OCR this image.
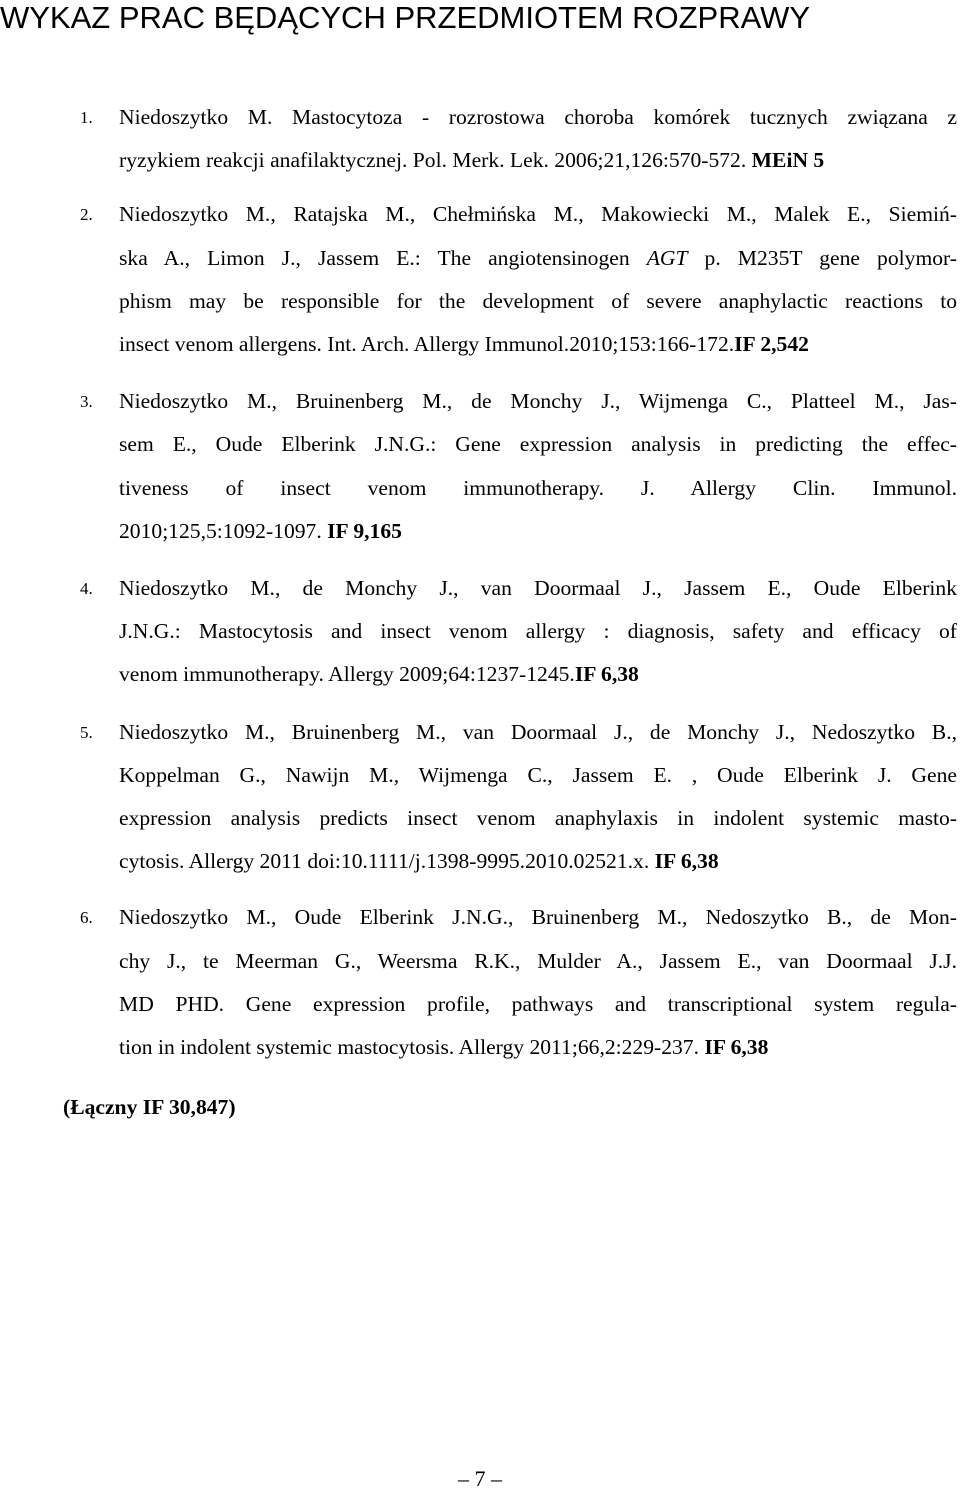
WYKAZ PRAC BĘDĄCYCH PRZEDMIOTEM ROZPRAWY
1. Niedoszytko M. Mastocytoza - rozrostowa choroba komórek tucznych związana z
ryzykiem reakcji anafilaktycznej. Pol. Merk. Lek. 2006;21,126:570-572. MEiN 5
2. Niedoszytko M., Ratajska M., Chełmińska M., Makowiecki M., Malek E., Siemiń-
ska A., Limon J., Jassem E.: The angiotensinogen AGT p. M235T gene polymor-
phism may be responsible for the development of severe anaphylactic reactions to
insect venom allergens. Int. Arch. Allergy Immunol.2010;153:166-172.IF 2,542
3. Niedoszytko M., Bruinenberg M., de Monchy J., Wijmenga C., Platteel M., Jas-
sem E., Oude Elberink J.N.G.: Gene expression analysis in predicting the effec-
tiveness of insect venom immunotherapy. J. Allergy Clin. Immunol.
2010;125,5:1092-1097. IF 9,165
4. Niedoszytko M., de Monchy J., van Doormaal J., Jassem E., Oude Elberink
J.N.G.: Mastocytosis and insect venom allergy : diagnosis, safety and efficacy of
venom immunotherapy. Allergy 2009;64:1237-1245.IF 6,38
5. Niedoszytko M., Bruinenberg M., van Doormaal J., de Monchy J., Nedoszytko B.,
Koppelman G., Nawijn M., Wijmenga C., Jassem E. , Oude Elberink J. Gene
expression analysis predicts insect venom anaphylaxis in indolent systemic masto-
cytosis. Allergy 2011 doi:10.1111/j.1398-9995.2010.02521.x. IF 6,38
6. Niedoszytko M., Oude Elberink J.N.G., Bruinenberg M., Nedoszytko B., de Mon-
chy J., te Meerman G., Weersma R.K., Mulder A., Jassem E., van Doormaal J.J.
MD PHD. Gene expression profile, pathways and transcriptional system regula-
tion in indolent systemic mastocytosis. Allergy 2011;66,2:229-237. IF 6,38
(Łączny IF 30,847)
– 7 –
